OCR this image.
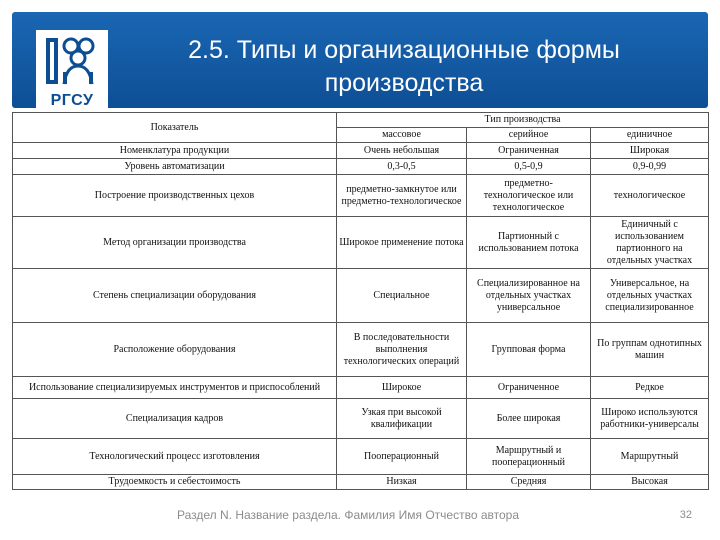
РГСУ
2.5. Типы и организационные формы производства
Показатель	Тип производства		
	массовое	серийное	единичное
Номенклатура продукции	Очень небольшая	Ограниченная	Широкая
Уровень автоматизации	0,3-0,5	0,5-0,9	0,9-0,99
Построение производственных цехов	предметно-замкнутое или предметно-технологическое	предметно-технологическое или технологическое	технологическое
Метод организации производства	Широкое применение потока	Партионный с использованием потока	Единичный с использованием партионного на отдельных участках
Степень специализации оборудования	Специальное	Специализированное на отдельных участках универсальное	Универсальное, на отдельных участках специализированное
Расположение оборудования	В последовательности выполнения технологических операций	Групповая форма	По группам однотипных машин
Использование специализируемых инструментов и приспособлений	Широкое	Ограниченное	Редкое
Специализация кадров	Узкая при высокой квалификации	Более широкая	Широко используются работники-универсалы
Технологический процесс изготовления	Пооперационный	Маршрутный и пооперационный	Маршрутный
Трудоемкость и себестоимость	Низкая	Средняя	Высокая
Раздел N. Название раздела. Фамилия Имя Отчество автора	32
